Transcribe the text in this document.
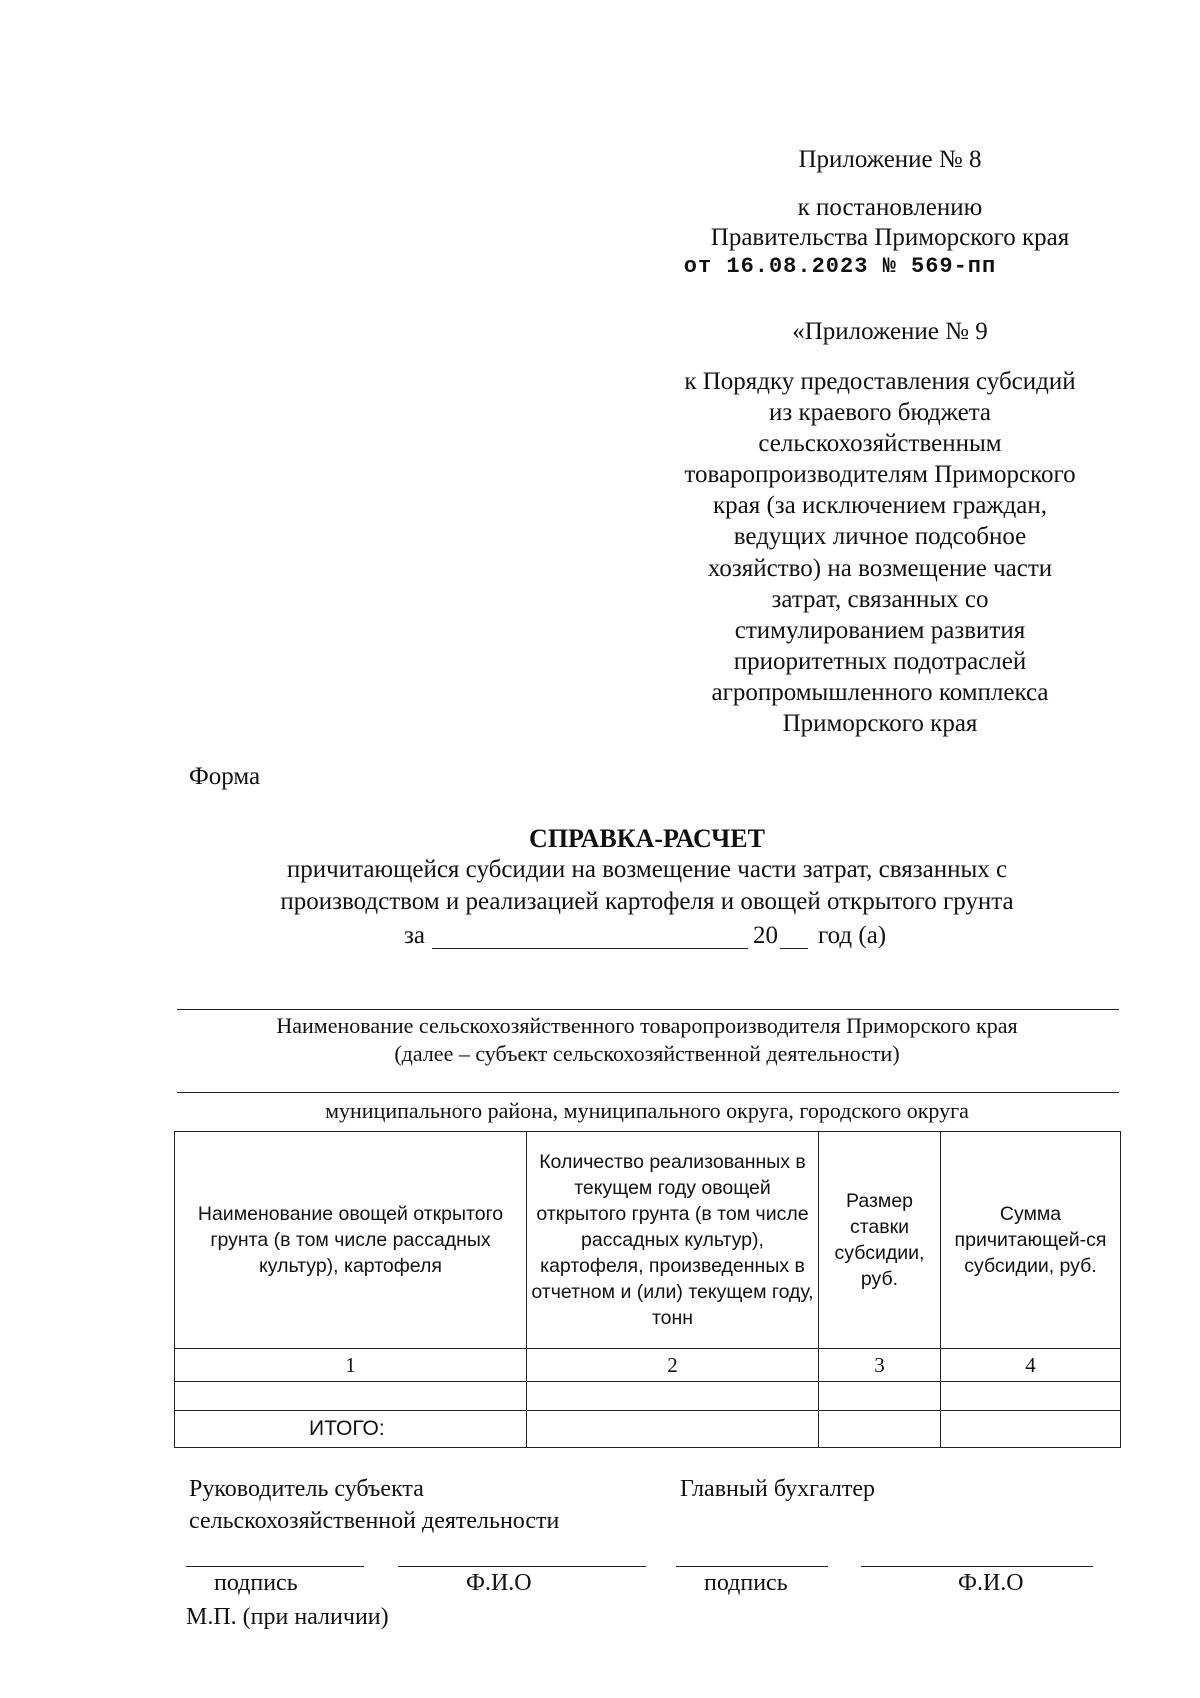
Приложение № 8
к постановлению
Правительства Приморского края
от 16.08.2023 № 569-пп
«Приложение № 9
к Порядку предоставления субсидий
из краевого бюджета
сельскохозяйственным
товаропроизводителям Приморского
края (за исключением граждан,
ведущих личное подсобное
хозяйство) на возмещение части
затрат, связанных со
стимулированием развития
приоритетных подотраслей
агропромышленного комплекса
Приморского края
Форма
СПРАВКА-РАСЧЕТ
причитающейся субсидии на возмещение части затрат, связанных с
производством и реализацией картофеля и овощей открытого грунта
за	20 год (а)
Наименование сельскохозяйственного товаропроизводителя Приморского края
(далее – субъект сельскохозяйственной деятельности)
муниципального района, муниципального округа, городского округа
Наименование овощей открытого грунта (в том числе рассадных культур), картофеля	Количество реализованных в текущем году овощей открытого грунта (в том числе рассадных культур), картофеля, произведенных в отчетном и (или) текущем году, тонн	Размер ставки субсидии, руб.	Сумма причитающей-ся субсидии, руб.
1	2	3	4

ИТОГО:			
Руководитель субъекта
сельскохозяйственной деятельности
Главный бухгалтер
подпись	Ф.И.О	подпись	Ф.И.О
М.П. (при наличии)
